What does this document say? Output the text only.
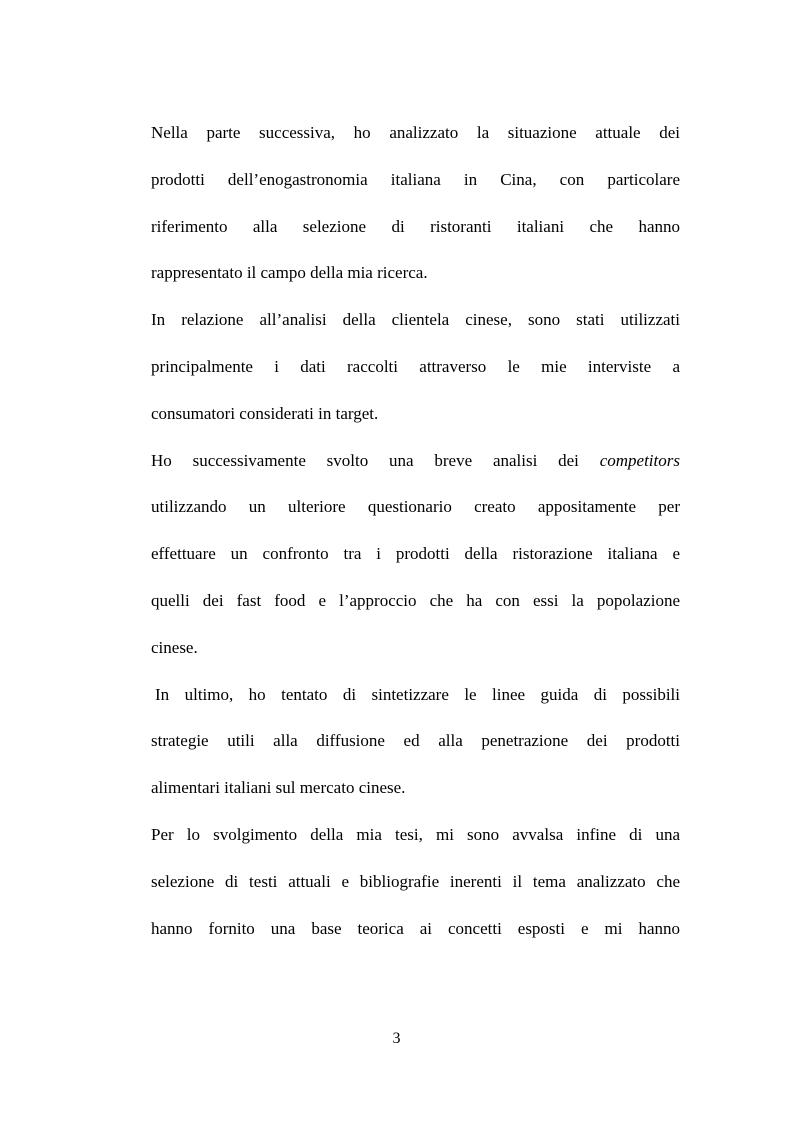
Nella parte successiva, ho analizzato la situazione attuale dei
prodotti dell’enogastronomia italiana in Cina, con particolare
riferimento alla selezione di ristoranti italiani che hanno
rappresentato il campo della mia ricerca.
In relazione all’analisi della clientela cinese, sono stati utilizzati
principalmente i dati raccolti attraverso le mie interviste a
consumatori considerati in target.
Ho successivamente svolto una breve analisi dei competitors
utilizzando un ulteriore questionario creato appositamente per
effettuare un confronto tra i prodotti della ristorazione italiana e
quelli dei fast food e l’approccio che ha con essi la popolazione
cinese.
In ultimo, ho tentato di sintetizzare le linee guida di possibili
strategie utili alla diffusione ed alla penetrazione dei prodotti
alimentari italiani sul mercato cinese.
Per lo svolgimento della mia tesi, mi sono avvalsa infine di una
selezione di testi attuali e bibliografie inerenti il tema analizzato che
hanno fornito una base teorica ai concetti esposti e mi hanno
3
